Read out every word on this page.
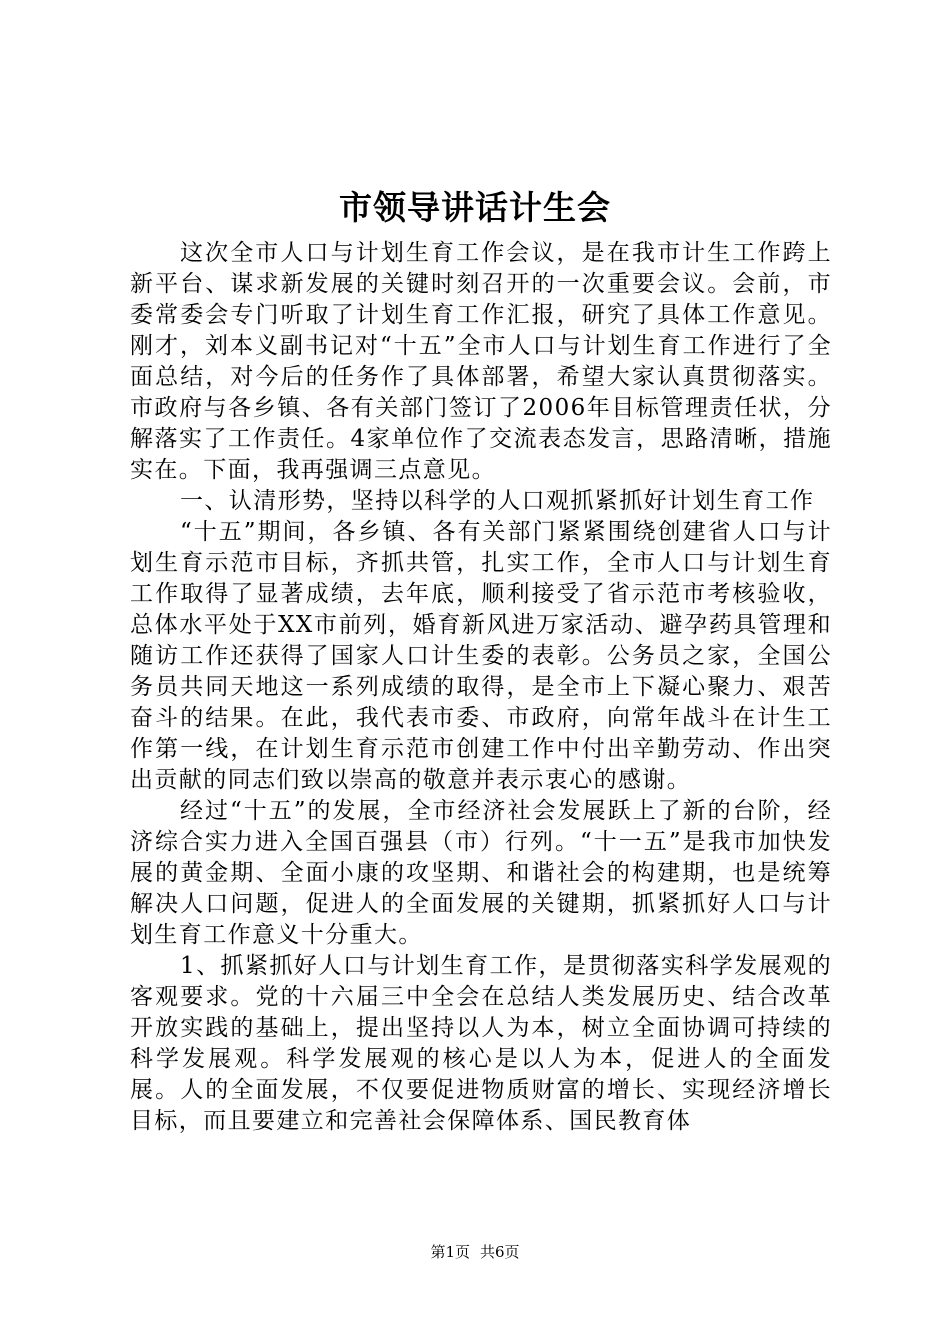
市领导讲话计生会

这次全市人口与计划生育工作会议，是在我市计生工作跨上新平台、谋求新发展的关键时刻召开的一次重要会议。会前，市委常委会专门听取了计划生育工作汇报，研究了具体工作意见。刚才，刘本义副书记对“十五”全市人口与计划生育工作进行了全面总结，对今后的任务作了具体部署，希望大家认真贯彻落实。市政府与各乡镇、各有关部门签订了2006年目标管理责任状，分解落实了工作责任。4家单位作了交流表态发言，思路清晰，措施实在。下面，我再强调三点意见。

一、认清形势，坚持以科学的人口观抓紧抓好计划生育工作

“十五”期间，各乡镇、各有关部门紧紧围绕创建省人口与计划生育示范市目标，齐抓共管，扎实工作，全市人口与计划生育工作取得了显著成绩，去年底，顺利接受了省示范市考核验收，总体水平处于XX市前列，婚育新风进万家活动、避孕药具管理和随访工作还获得了国家人口计生委的表彰。公务员之家，全国公务员共同天地这一系列成绩的取得，是全市上下凝心聚力、艰苦奋斗的结果。在此，我代表市委、市政府，向常年战斗在计生工作第一线，在计划生育示范市创建工作中付出辛勤劳动、作出突出贡献的同志们致以崇高的敬意并表示衷心的感谢。

经过“十五”的发展，全市经济社会发展跃上了新的台阶，经济综合实力进入全国百强县（市）行列。“十一五”是我市加快发展的黄金期、全面小康的攻坚期、和谐社会的构建期，也是统筹解决人口问题，促进人的全面发展的关键期，抓紧抓好人口与计划生育工作意义十分重大。

1、抓紧抓好人口与计划生育工作，是贯彻落实科学发展观的客观要求。党的十六届三中全会在总结人类发展历史、结合改革开放实践的基础上，提出坚持以人为本，树立全面协调可持续的科学发展观。科学发展观的核心是以人为本，促进人的全面发展。人的全面发展，不仅要促进物质财富的增长、实现经济增长目标，而且要建立和完善社会保障体系、国民教育体

第1页 共6页
